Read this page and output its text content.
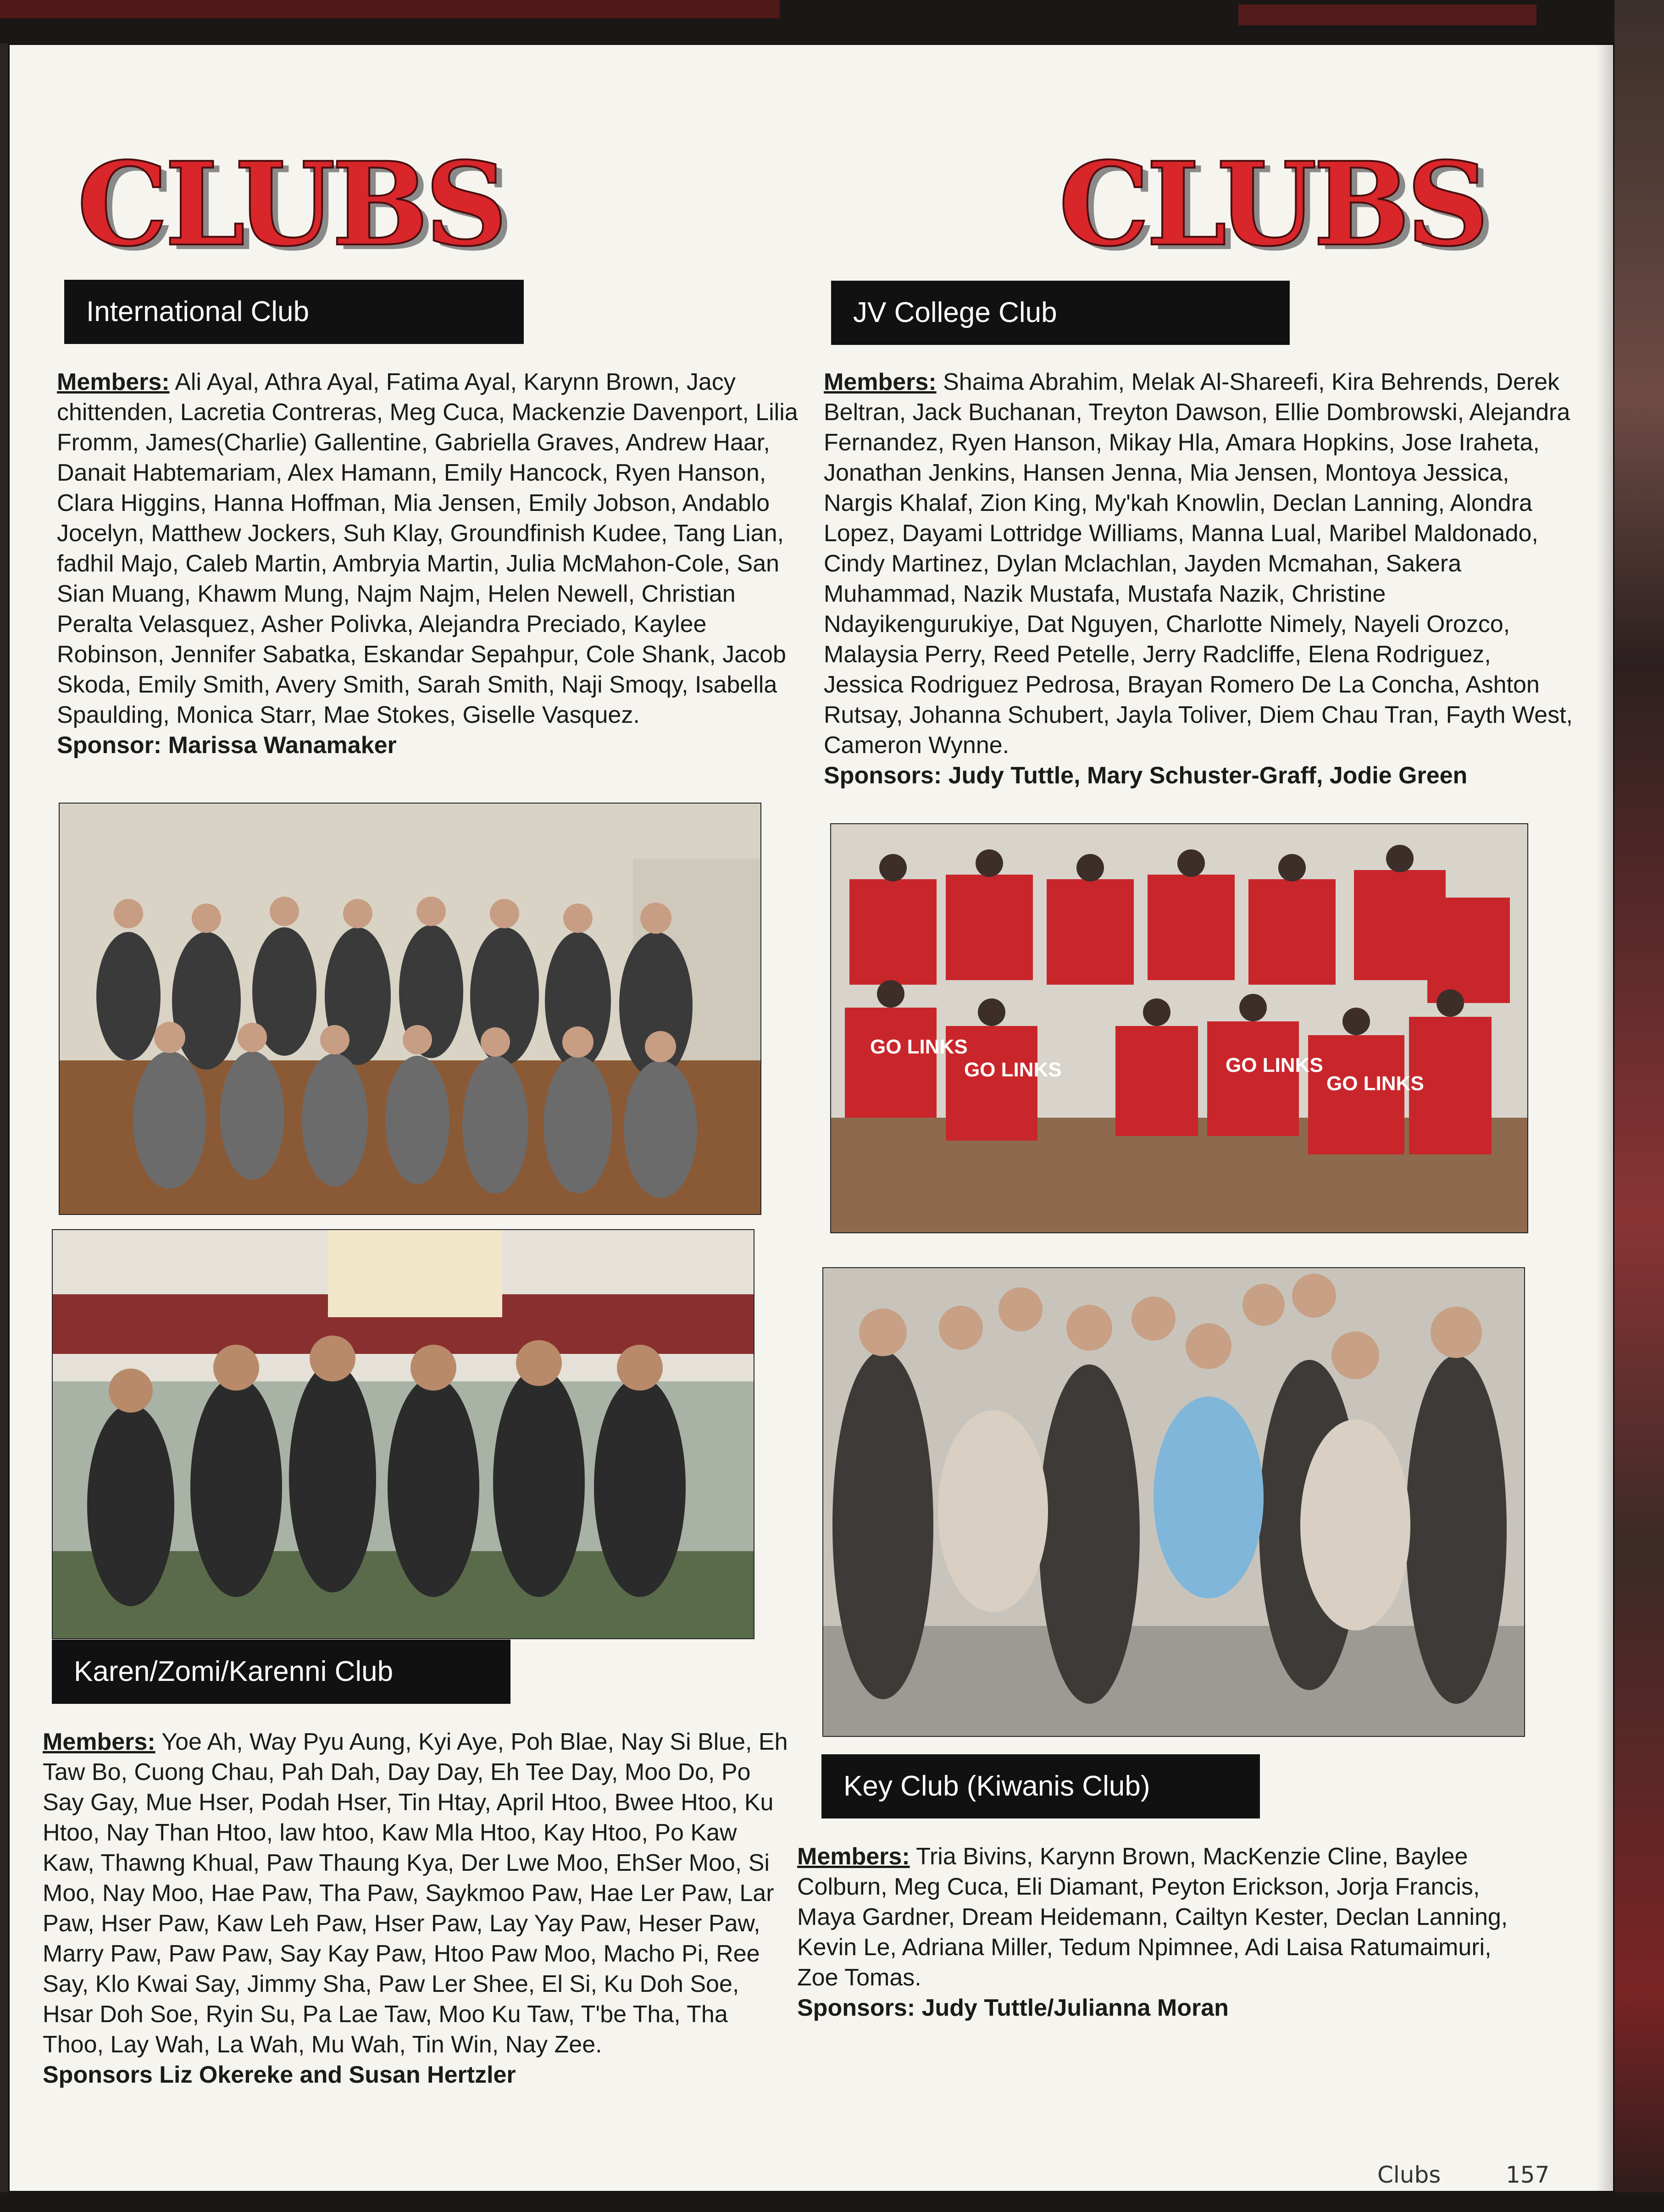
CLUBS	CLUBS
International Club
Members: Ali Ayal, Athra Ayal, Fatima Ayal, Karynn Brown, Jacy chittenden, Lacretia Contreras, Meg Cuca, Mackenzie Davenport, Lilia Fromm, James(Charlie) Gallentine, Gabriella Graves, Andrew Haar, Danait Habtemariam, Alex Hamann, Emily Hancock, Ryen Hanson, Clara Higgins, Hanna Hoffman, Mia Jensen, Emily Jobson, Andablo Jocelyn, Matthew Jockers, Suh Klay, Groundfinish Kudee, Tang Lian, fadhil Majo, Caleb Martin, Ambryia Martin, Julia McMahon-Cole, San Sian Muang, Khawm Mung, Najm Najm, Helen Newell, Christian Peralta Velasquez, Asher Polivka, Alejandra Preciado, Kaylee Robinson, Jennifer Sabatka, Eskandar Sepahpur, Cole Shank, Jacob Skoda, Emily Smith, Avery Smith, Sarah Smith, Naji Smoqy, Isabella Spaulding, Monica Starr, Mae Stokes, Giselle Vasquez.
Sponsor: Marissa Wanamaker
JV College Club
Members: Shaima Abrahim, Melak Al-Shareefi, Kira Behrends, Derek Beltran, Jack Buchanan, Treyton Dawson, Ellie Dombrowski, Alejandra Fernandez, Ryen Hanson, Mikay Hla, Amara Hopkins, Jose Iraheta, Jonathan Jenkins, Hansen Jenna, Mia Jensen, Montoya Jessica, Nargis Khalaf, Zion King, My'kah Knowlin, Declan Lanning, Alondra Lopez, Dayami Lottridge Williams, Manna Lual, Maribel Maldonado, Cindy Martinez, Dylan Mclachlan, Jayden Mcmahan, Sakera Muhammad, Nazik Mustafa, Mustafa Nazik, Christine Ndayikengurukiye, Dat Nguyen, Charlotte Nimely, Nayeli Orozco, Malaysia Perry, Reed Petelle, Jerry Radcliffe, Elena Rodriguez, Jessica Rodriguez Pedrosa, Brayan Romero De La Concha, Ashton Rutsay, Johanna Schubert, Jayla Toliver, Diem Chau Tran, Fayth West, Cameron Wynne.
Sponsors: Judy Tuttle, Mary Schuster-Graff, Jodie Green
GO LINKS
GO LINKS	GO LINKS
GO LINKS
Karen/Zomi/Karenni Club
Members: Yoe Ah, Way Pyu Aung, Kyi Aye, Poh Blae, Nay Si Blue, Eh Taw Bo, Cuong Chau, Pah Dah, Day Day, Eh Tee Day, Moo Do, Po Say Gay, Mue Hser, Podah Hser, Tin Htay, April Htoo, Bwee Htoo, Ku Htoo, Nay Than Htoo, law htoo, Kaw Mla Htoo, Kay Htoo, Po Kaw Kaw, Thawng Khual, Paw Thaung Kya, Der Lwe Moo, EhSer Moo, Si Moo, Nay Moo, Hae Paw, Tha Paw, Saykmoo Paw, Hae Ler Paw, Lar Paw, Hser Paw, Kaw Leh Paw, Hser Paw, Lay Yay Paw, Heser Paw, Marry Paw, Paw Paw, Say Kay Paw, Htoo Paw Moo, Macho Pi, Ree Say, Klo Kwai Say, Jimmy Sha, Paw Ler Shee, El Si, Ku Doh Soe, Hsar Doh Soe, Ryin Su, Pa Lae Taw, Moo Ku Taw, T'be Tha, Tha Thoo, Lay Wah, La Wah, Mu Wah, Tin Win, Nay Zee.
Sponsors Liz Okereke and Susan Hertzler
Key Club (Kiwanis Club)
Members: Tria Bivins, Karynn Brown, MacKenzie Cline, Baylee Colburn, Meg Cuca, Eli Diamant, Peyton Erickson, Jorja Francis, Maya Gardner, Dream Heidemann, Cailtyn Kester, Declan Lanning, Kevin Le, Adriana Miller, Tedum Npimnee, Adi Laisa Ratumaimuri, Zoe Tomas.
Sponsors: Judy Tuttle/Julianna Moran
Clubs	157
